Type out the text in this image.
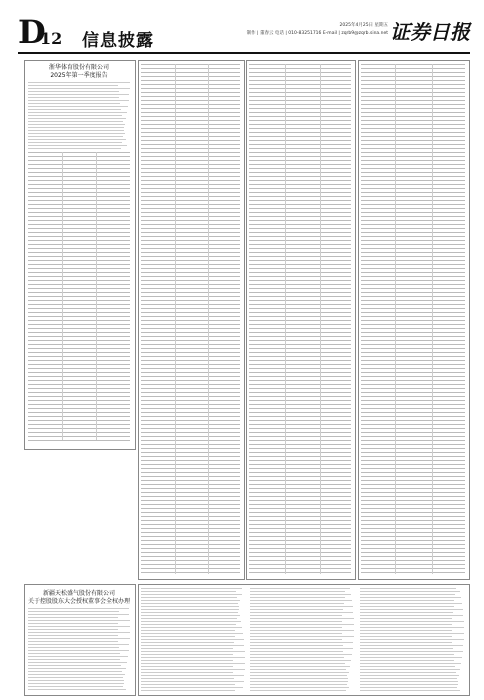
D
12 信息披露
2025年4月25日 星期五
制作 | 董春云 电话 | 010-83251716 E-mail | zqrb9@zqrb.sina.net 证券日报
浙华体育股份有限公司
2025年第一季度报告
新疆天松盛气股份有限公司
关于控股股东大会授权董事会全权办理
